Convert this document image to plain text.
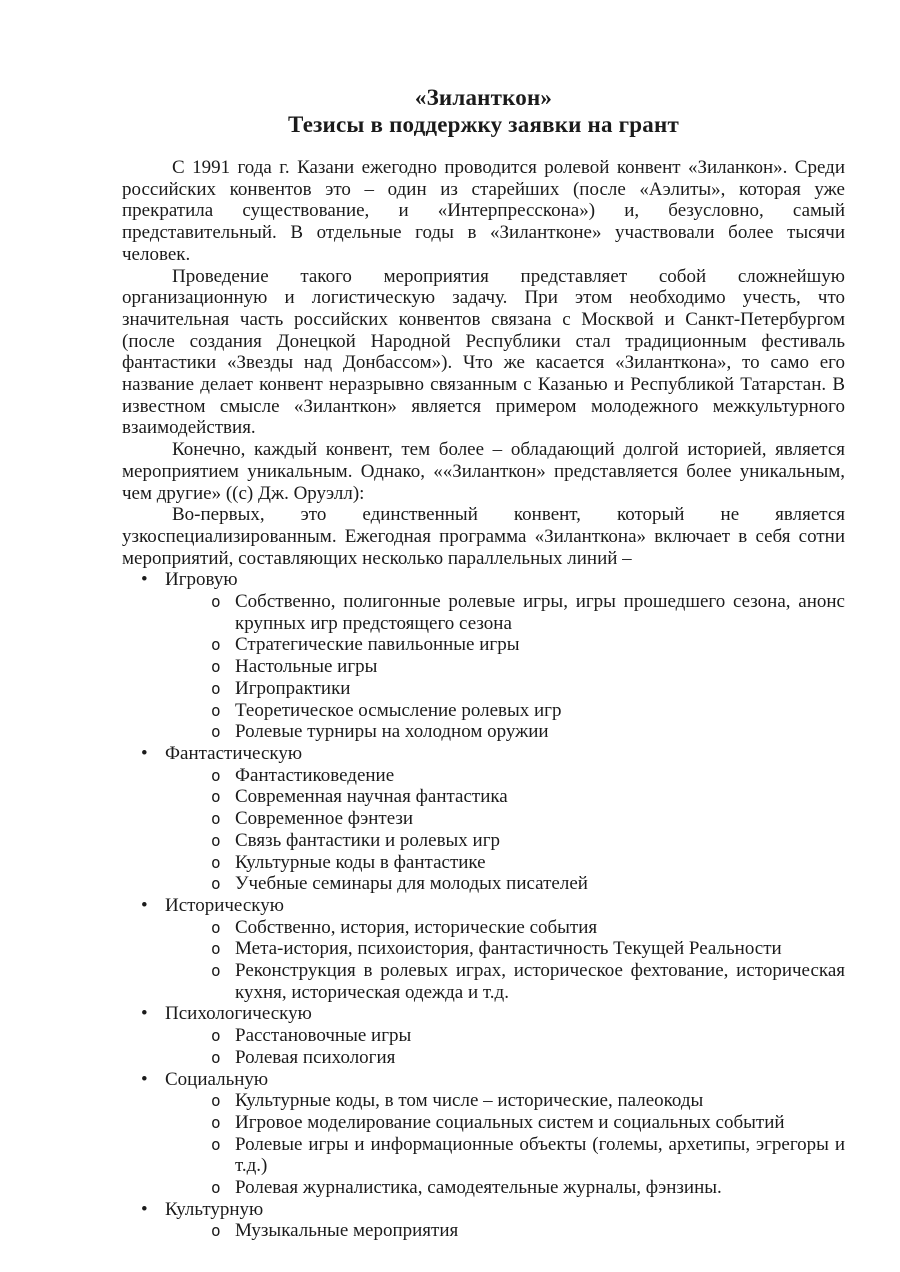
«Зиланткон»
Тезисы в поддержку заявки на грант

С 1991 года г. Казани ежегодно проводится ролевой конвент «Зиланкон». Среди российских конвентов это – один из старейших (после «Аэлиты», которая уже прекратила существование, и «Интерпресскона») и, безусловно, самый представительный. В отдельные годы в «Зилантконе» участвовали более тысячи человек.

Проведение такого мероприятия представляет собой сложнейшую организационную и логистическую задачу. При этом необходимо учесть, что значительная часть российских конвентов связана с Москвой и Санкт-Петербургом (после создания Донецкой Народной Республики стал традиционным фестиваль фантастики «Звезды над Донбассом»). Что же касается «Зиланткона», то само его название делает конвент неразрывно связанным с Казанью и Республикой Татарстан. В известном смысле «Зиланткон» является примером молодежного межкультурного взаимодействия.

Конечно, каждый конвент, тем более – обладающий долгой историей, является мероприятием уникальным. Однако, ««Зиланткон» представляется более уникальным, чем другие» ((с) Дж. Оруэлл):

Во-первых, это единственный конвент, который не является узкоспециализированным. Ежегодная программа «Зиланткона» включает в себя сотни мероприятий, составляющих несколько параллельных линий –

• Игровую
o Собственно, полигонные ролевые игры, игры прошедшего сезона, анонс крупных игр предстоящего сезона
o Стратегические павильонные игры
o Настольные игры
o Игропрактики
o Теоретическое осмысление ролевых игр
o Ролевые турниры на холодном оружии
• Фантастическую
o Фантастиковедение
o Современная научная фантастика
o Современное фэнтези
o Связь фантастики и ролевых игр
o Культурные коды в фантастике
o Учебные семинары для молодых писателей
• Историческую
o Собственно, история, исторические события
o Мета-история, психоистория, фантастичность Текущей Реальности
o Реконструкция в ролевых играх, историческое фехтование, историческая кухня, историческая одежда и т.д.
• Психологическую
o Расстановочные игры
o Ролевая психология
• Социальную
o Культурные коды, в том числе – исторические, палеокоды
o Игровое моделирование социальных систем и социальных событий
o Ролевые игры и информационные объекты (големы, архетипы, эгрегоры и т.д.)
o Ролевая журналистика, самодеятельные журналы, фэнзины.
• Культурную
o Музыкальные мероприятия
